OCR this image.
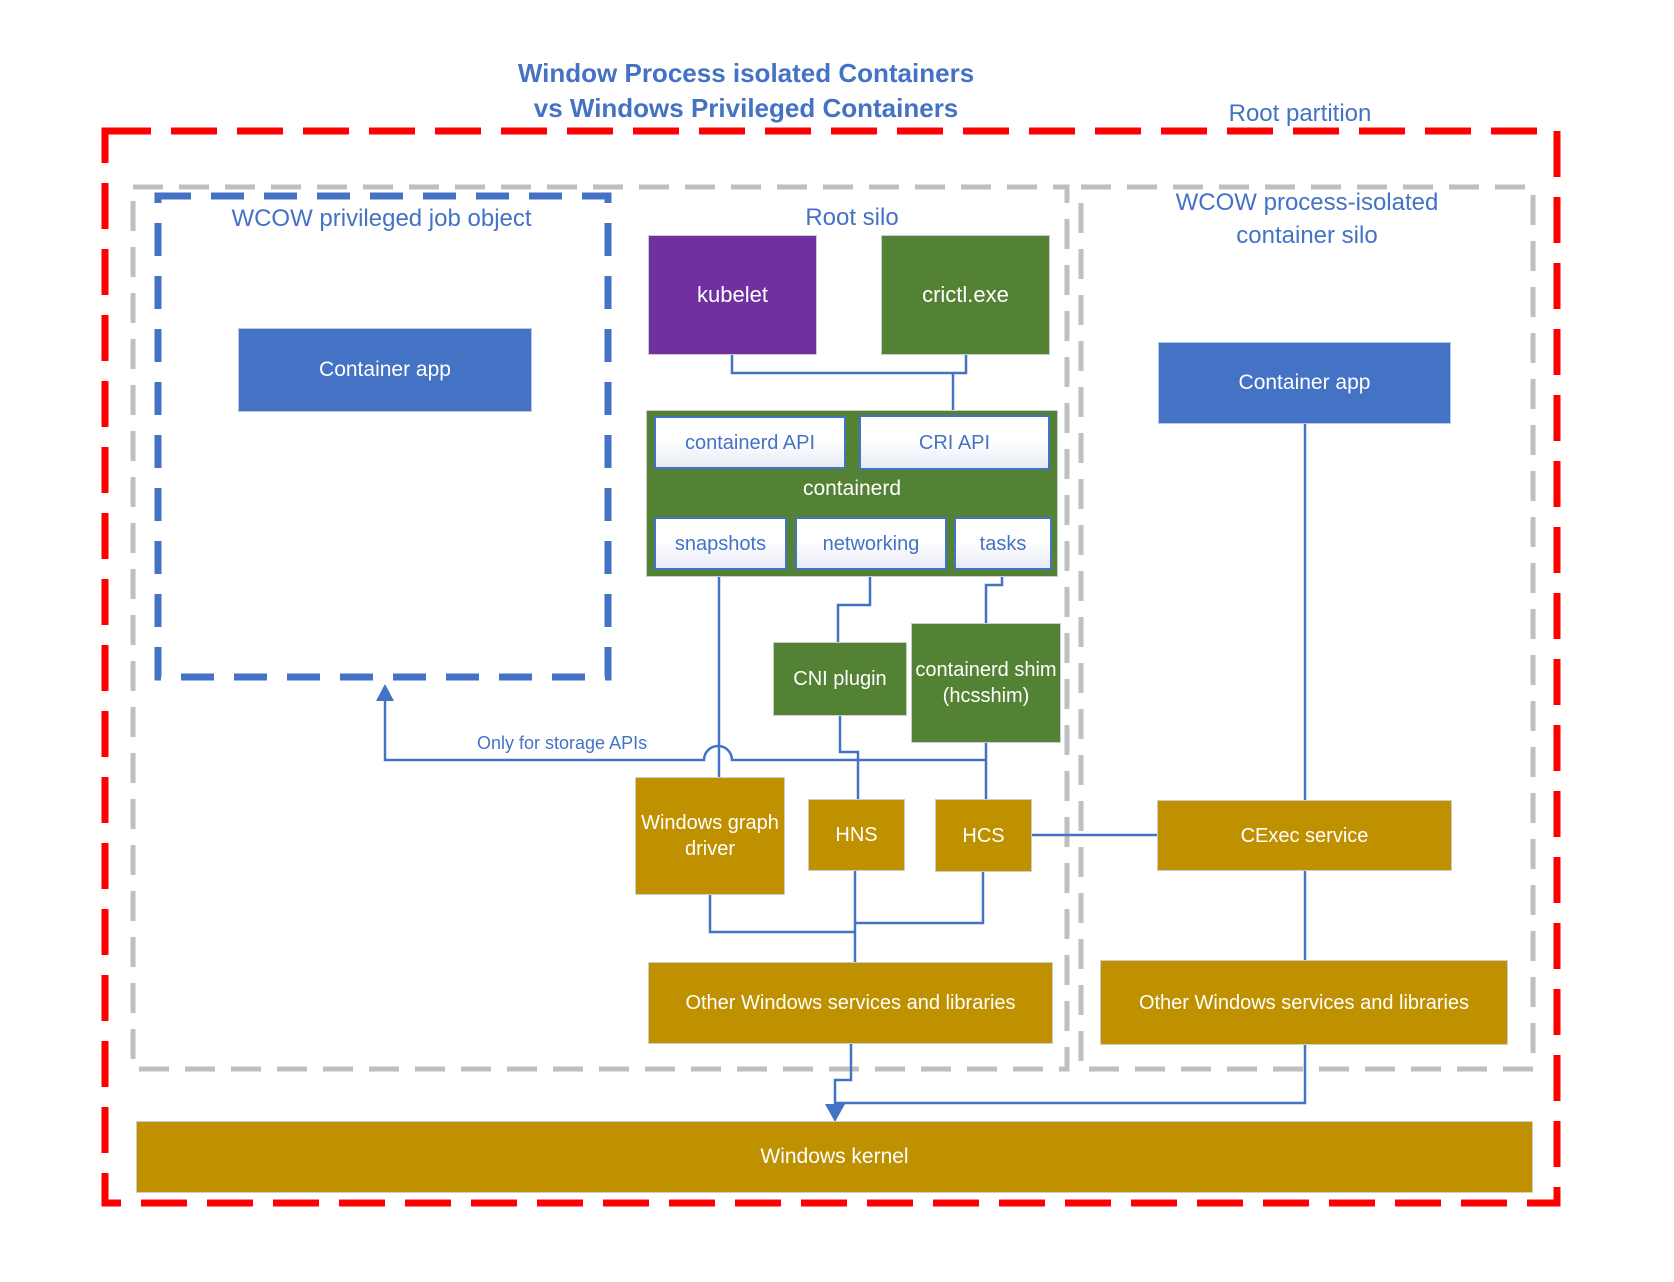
Window Process isolated Containers
vs Windows Privileged Containers	Root partition
WCOW privileged job object	Root silo
WCOW process-isolated
container silo
Only for storage APIs
Container app
kubelet	crictl.exe
containerd API	CRI API
containerd
snapshots	networking	tasks
CNI plugin	containerd shim (hcsshim)
Windows graph driver
HNS	HCS	CExec service
Container app
Other Windows services and libraries	Other Windows services and libraries
Windows kernel
